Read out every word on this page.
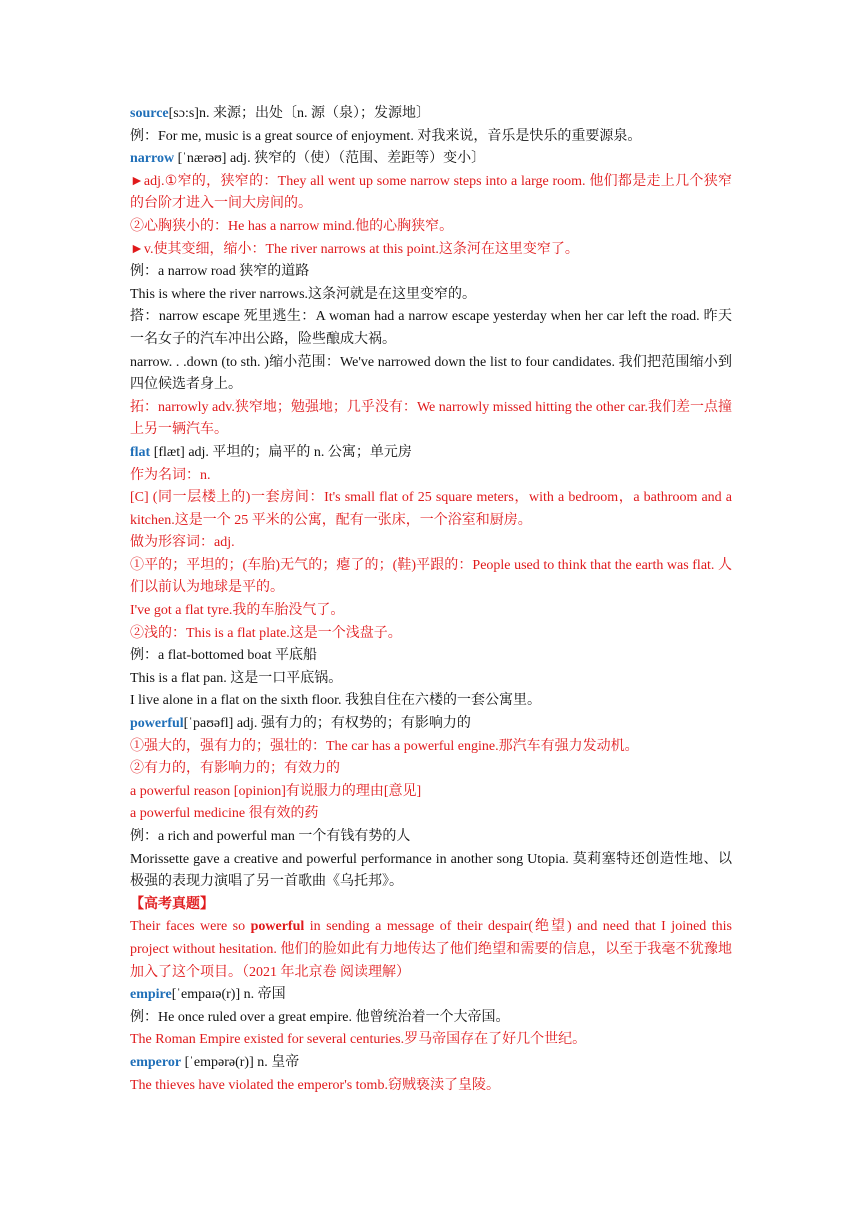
source[sɔ:s]n. 来源；出处〔n. 源（泉）；发源地〕

例：For me, music is a great source of enjoyment. 对我来说，音乐是快乐的重要源泉。

narrow [ˈnærəʊ] adj. 狭窄的（使）（范围、差距等）变小〕

►adj.①窄的，狭窄的：They all went up some narrow steps into a large room. 他们都是走上几个狭窄的台阶才进入一间大房间的。

②心胸狭小的：He has a narrow mind.他的心胸狭窄。

►v.使其变细，缩小：The river narrows at this point.这条河在这里变窄了。

例：a narrow road 狭窄的道路

This is where the river narrows.这条河就是在这里变窄的。

搭：narrow escape 死里逃生：A woman had a narrow escape yesterday when her car left the road. 昨天一名女子的汽车冲出公路，险些酿成大祸。

narrow. . .down (to sth. )缩小范围：We've narrowed down the list to four candidates. 我们把范围缩小到四位候选者身上。

拓：narrowly adv.狭窄地；勉强地；几乎没有：We narrowly missed hitting the other car.我们差一点撞上另一辆汽车。

flat [flæt] adj. 平坦的；扁平的 n. 公寓；单元房

作为名词：n.

[C] (同一层楼上的)一套房间：It's small flat of 25 square meters，with a bedroom，a bathroom and a kitchen.这是一个 25 平米的公寓，配有一张床，一个浴室和厨房。

做为形容词：adj.

①平的；平坦的；(车胎)无气的；瘪了的；(鞋)平跟的：People used to think that the earth was flat. 人们以前认为地球是平的。

I've got a flat tyre.我的车胎没气了。

②浅的：This is a flat plate.这是一个浅盘子。

例：a flat-bottomed boat 平底船

This is a flat pan. 这是一口平底锅。

I live alone in a flat on the sixth floor. 我独自住在六楼的一套公寓里。

powerful[ˈpaʊəfl] adj. 强有力的；有权势的；有影响力的

①强大的，强有力的；强壮的：The car has a powerful engine.那汽车有强力发动机。

②有力的，有影响力的；有效力的

a powerful reason [opinion]有说服力的理由[意见]

a powerful medicine 很有效的药

例：a rich and powerful man 一个有钱有势的人

Morissette gave a creative and powerful performance in another song Utopia. 莫莉塞特还创造性地、以极强的表现力演唱了另一首歌曲《乌托邦》。

【高考真题】

Their faces were so powerful in sending a message of their despair(绝望) and need that I joined this project without hesitation. 他们的脸如此有力地传达了他们绝望和需要的信息，以至于我毫不犹豫地加入了这个项目。（2021 年北京卷 阅读理解）

empire[ˈempaɪə(r)] n. 帝国

例：He once ruled over a great empire. 他曾统治着一个大帝国。

The Roman Empire existed for several centuries.罗马帝国存在了好几个世纪。

emperor [ˈempərə(r)] n. 皇帝

The thieves have violated the emperor's tomb.窃贼亵渎了皇陵。
